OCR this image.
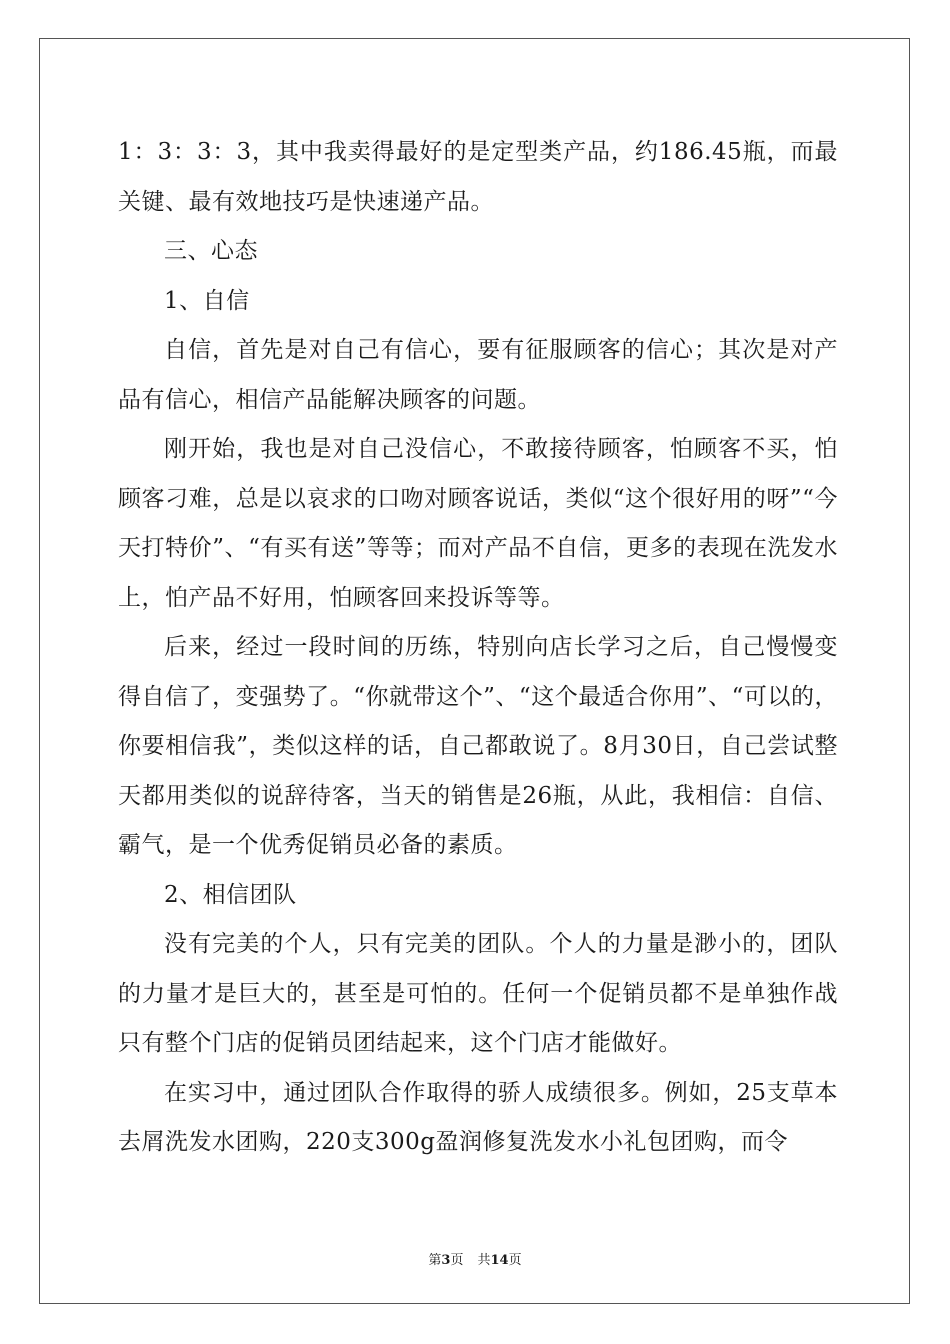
1：3：3：3，其中我卖得最好的是定型类产品，约186.45瓶，而最关键、最有效地技巧是快速递产品。

三、心态

1、自信

自信，首先是对自己有信心，要有征服顾客的信心；其次是对产品有信心，相信产品能解决顾客的问题。

刚开始，我也是对自己没信心，不敢接待顾客，怕顾客不买，怕顾客刁难，总是以哀求的口吻对顾客说话，类似“这个很好用的呀”“今天打特价”、“有买有送”等等；而对产品不自信，更多的表现在洗发水上，怕产品不好用，怕顾客回来投诉等等。

后来，经过一段时间的历练，特别向店长学习之后，自己慢慢变得自信了，变强势了。“你就带这个”、“这个最适合你用”、“可以的，你要相信我”，类似这样的话，自己都敢说了。8月30日，自己尝试整天都用类似的说辞待客，当天的销售是26瓶，从此，我相信：自信、霸气，是一个优秀促销员必备的素质。

2、相信团队

没有完美的个人，只有完美的团队。个人的力量是渺小的，团队的力量才是巨大的，甚至是可怕的。任何一个促销员都不是单独作战只有整个门店的促销员团结起来，这个门店才能做好。

在实习中，通过团队合作取得的骄人成绩很多。例如，25支草本去屑洗发水团购，220支300g盈润修复洗发水小礼包团购，而令

第3页 共14页
